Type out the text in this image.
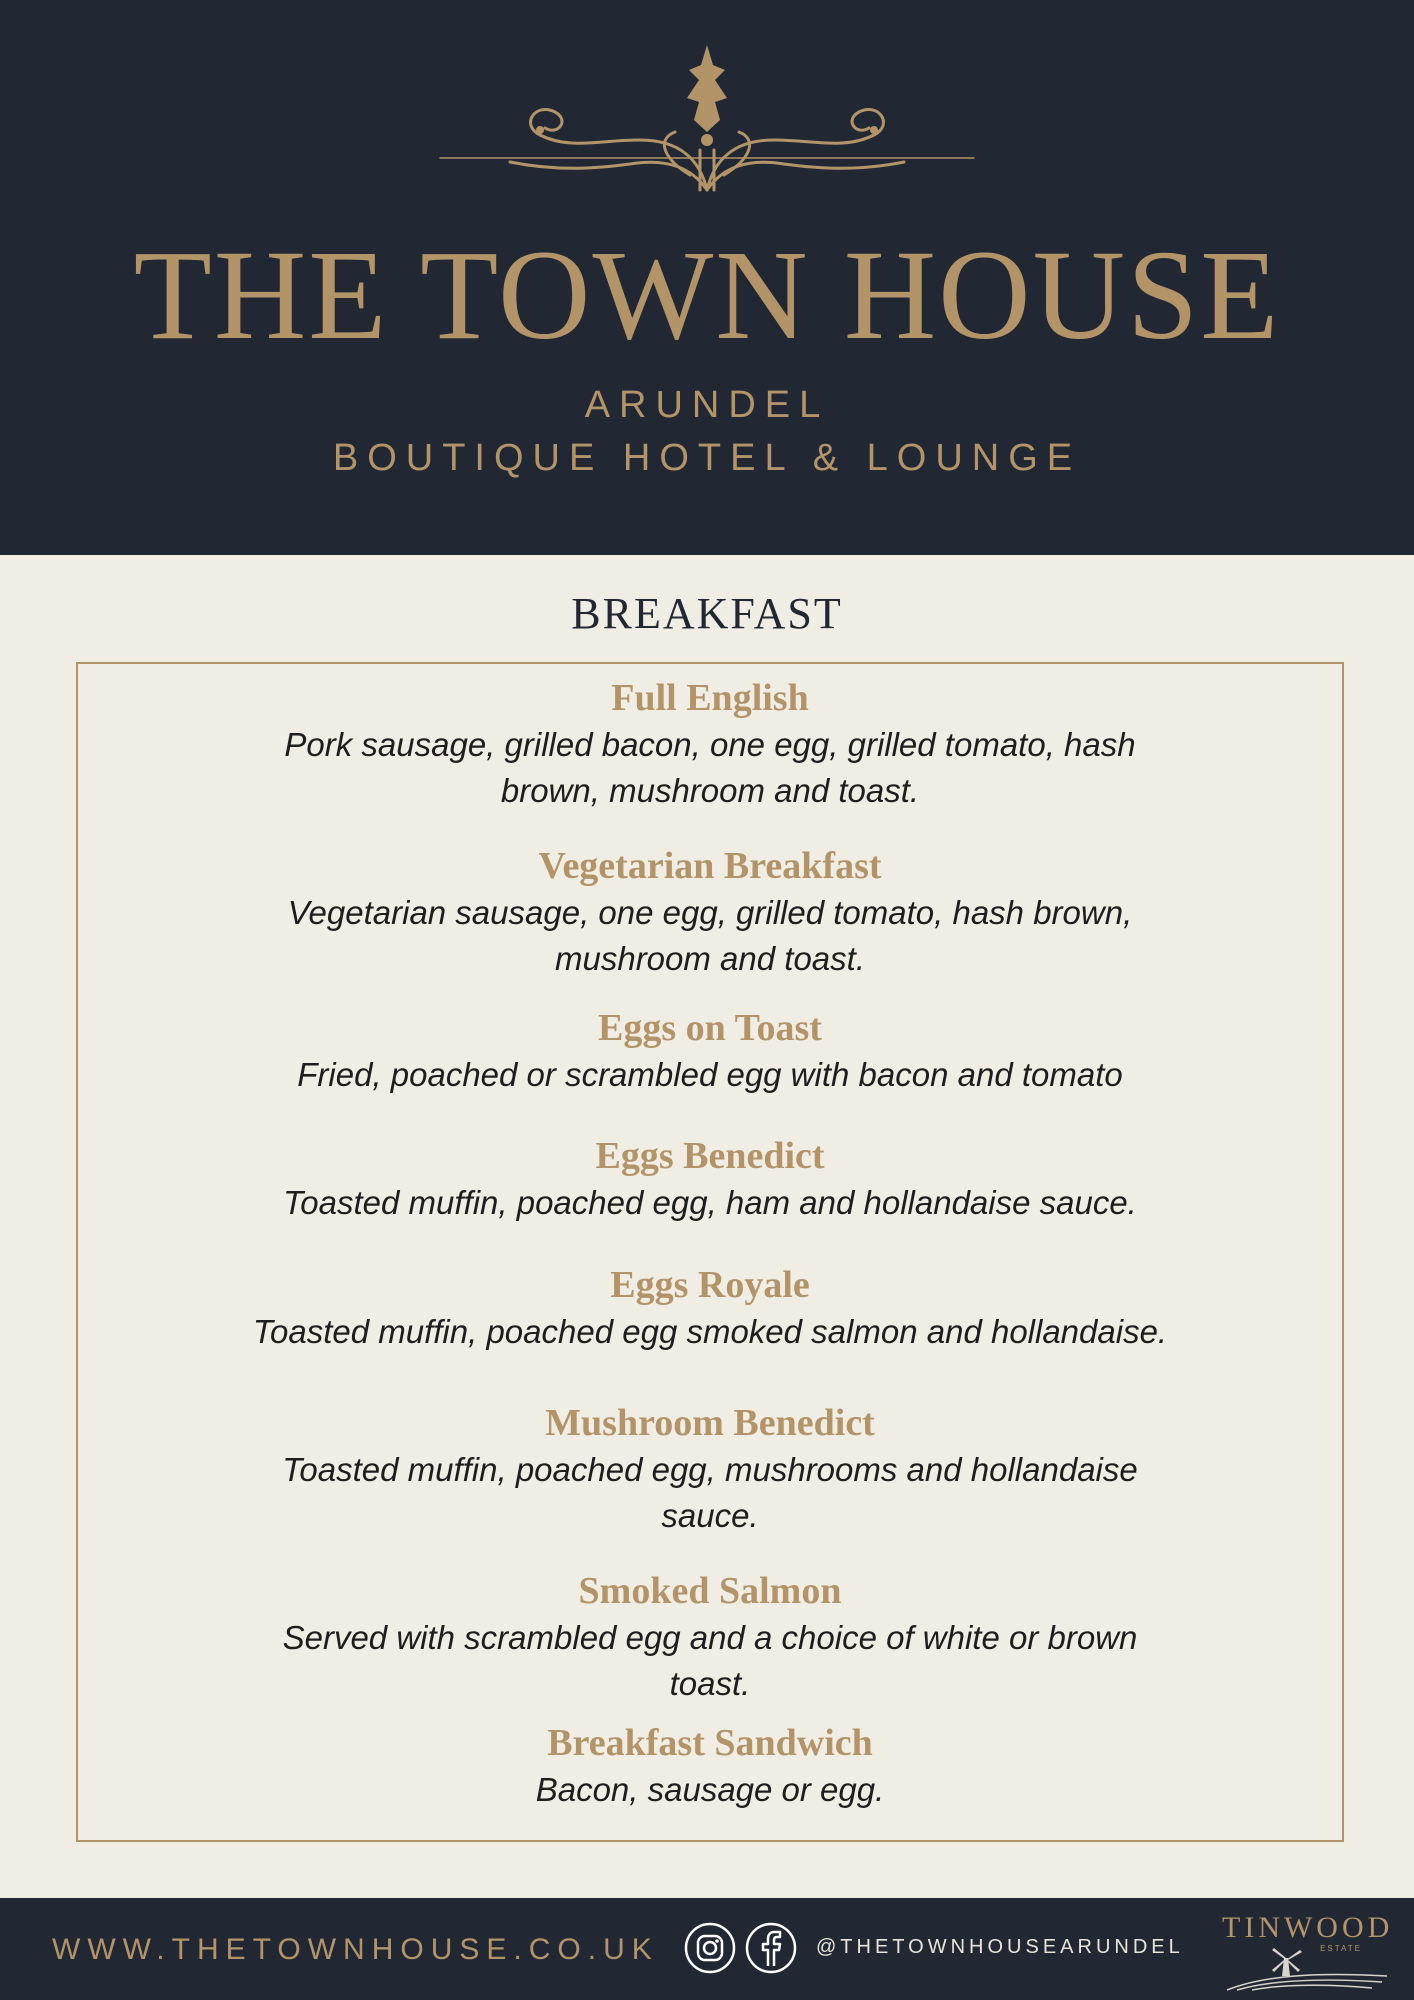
THE TOWN HOUSE
ARUNDEL
BOUTIQUE HOTEL & LOUNGE
BREAKFAST
Full English
Pork sausage, grilled bacon, one egg, grilled tomato, hash brown, mushroom and toast.
Vegetarian Breakfast
Vegetarian sausage, one egg, grilled tomato, hash brown, mushroom and toast.
Eggs on Toast
Fried, poached or scrambled egg with bacon and tomato
Eggs Benedict
Toasted muffin, poached egg, ham and hollandaise sauce.
Eggs Royale
Toasted muffin, poached egg smoked salmon and hollandaise.
Mushroom Benedict
Toasted muffin, poached egg, mushrooms and hollandaise sauce.
Smoked Salmon
Served with scrambled egg and a choice of white or brown toast.
Breakfast Sandwich
Bacon, sausage or egg.
WWW.THETOWNHOUSE.CO.UK	@THETOWNHOUSEARUNDEL
TINWOOD
ESTATE
